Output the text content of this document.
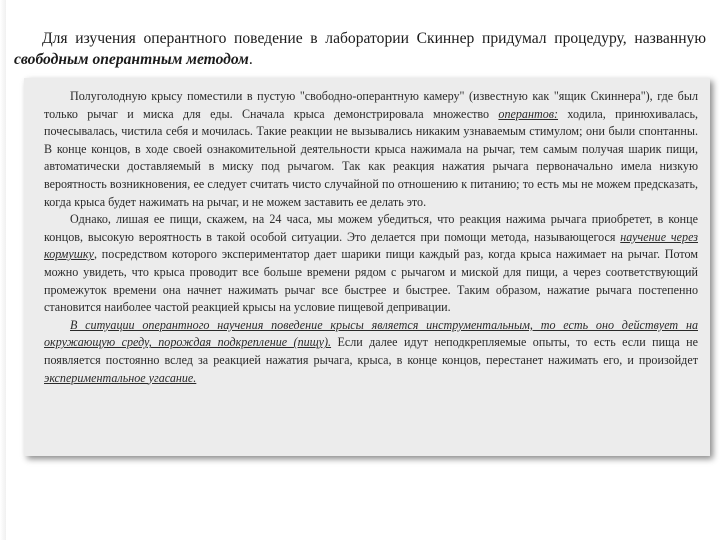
Для изучения оперантного поведение в лаборатории Скиннер придумал процедуру, названную свободным оперантным методом.

Полуголодную крысу поместили в пустую "свободно-оперантную камеру" (известную как "ящик Скиннера"), где был только рычаг и миска для еды. Сначала крыса демонстрировала множество оперантов: ходила, принюхивалась, почесывалась, чистила себя и мочилась. Такие реакции не вызывались никаким узнаваемым стимулом; они были спонтанны. В конце концов, в ходе своей ознакомительной деятельности крыса нажимала на рычаг, тем самым получая шарик пищи, автоматически доставляемый в миску под рычагом. Так как реакция нажатия рычага первоначально имела низкую вероятность возникновения, ее следует считать чисто случайной по отношению к питанию; то есть мы не можем предсказать, когда крыса будет нажимать на рычаг, и не можем заставить ее делать это.

Однако, лишая ее пищи, скажем, на 24 часа, мы можем убедиться, что реакция нажима рычага приобретет, в конце концов, высокую вероятность в такой особой ситуации. Это делается при помощи метода, называющегося научение через кормушку, посредством которого экспериментатор дает шарики пищи каждый раз, когда крыса нажимает на рычаг. Потом можно увидеть, что крыса проводит все больше времени рядом с рычагом и миской для пищи, а через соответствующий промежуток времени она начнет нажимать рычаг все быстрее и быстрее. Таким образом, нажатие рычага постепенно становится наиболее частой реакцией крысы на условие пищевой депривации.

В ситуации оперантного научения поведение крысы является инструментальным, то есть оно действует на окружающую среду, порождая подкрепление (пищу). Если далее идут неподкрепляемые опыты, то есть если пища не появляется постоянно вслед за реакцией нажатия рычага, крыса, в конце концов, перестанет нажимать его, и произойдет экспериментальное угасание.
